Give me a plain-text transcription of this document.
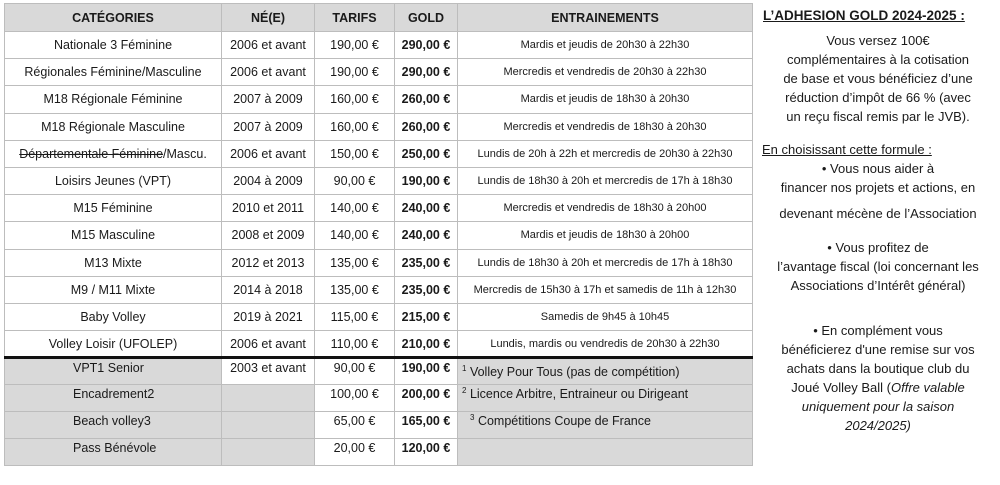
CATÉGORIES	NÉ(E)	TARIFS	GOLD	ENTRAINEMENTS
Nationale 3 Féminine	2006 et avant	190,00 €	290,00 €	Mardis et jeudis de 20h30 à 22h30
Régionales Féminine/Masculine	2006 et avant	190,00 €	290,00 €	Mercredis et vendredis de 20h30 à 22h30
M18 Régionale Féminine	2007 à 2009	160,00 €	260,00 €	Mardis et jeudis de 18h30 à 20h30
M18 Régionale Masculine	2007 à 2009	160,00 €	260,00 €	Mercredis et vendredis de 18h30 à 20h30
Départementale Féminine/Mascu.	2006 et avant	150,00 €	250,00 €	Lundis de 20h à 22h et mercredis de 20h30 à 22h30
Loisirs Jeunes (VPT)	2004 à 2009	90,00 €	190,00 €	Lundis de 18h30 à 20h et mercredis de 17h à 18h30
M15 Féminine	2010 et 2011	140,00 €	240,00 €	Mercredis et vendredis de 18h30 à 20h00
M15 Masculine	2008 et 2009	140,00 €	240,00 €	Mardis et jeudis de 18h30 à 20h00
M13 Mixte	2012 et 2013	135,00 €	235,00 €	Lundis de 18h30 à 20h et mercredis de 17h à 18h30
M9 / M11 Mixte	2014 à 2018	135,00 €	235,00 €	Mercredis de 15h30 à 17h et samedis de 11h à 12h30
Baby Volley	2019 à 2021	115,00 €	215,00 €	Samedis de 9h45 à 10h45
Volley Loisir (UFOLEP)	2006 et avant	110,00 €	210,00 €	Lundis, mardis ou vendredis de 20h30 à 22h30
VPT1 Senior	2003 et avant	90,00 €	190,00 €	$^1$ Volley Pour Tous (pas de compétition)
Encadrement2		100,00 €	200,00 €	$^2$ Licence Arbitre, Entraineur ou Dirigeant
Beach volley3		65,00 €	165,00 €	$^3$ Compétitions Coupe de France
Pass Bénévole		20,00 €	120,00 €	
L’ADHESION GOLD 2024-2025 :
Vous versez 100€
complémentaires à la cotisation
de base et vous bénéficiez d’une
réduction d’impôt de 66 % (avec
un reçu fiscal remis par le JVB).
En choisissant cette formule :
• Vous nous aider à
financer nos projets et actions, en
devenant mécène de l’Association
• Vous profitez de
l’avantage fiscal (loi concernant les
Associations d’Intérêt général)
• En complément vous
bénéficierez d'une remise sur vos
achats dans la boutique club du
Joué Volley Ball (Offre valable
uniquement pour la saison
2024/2025)
